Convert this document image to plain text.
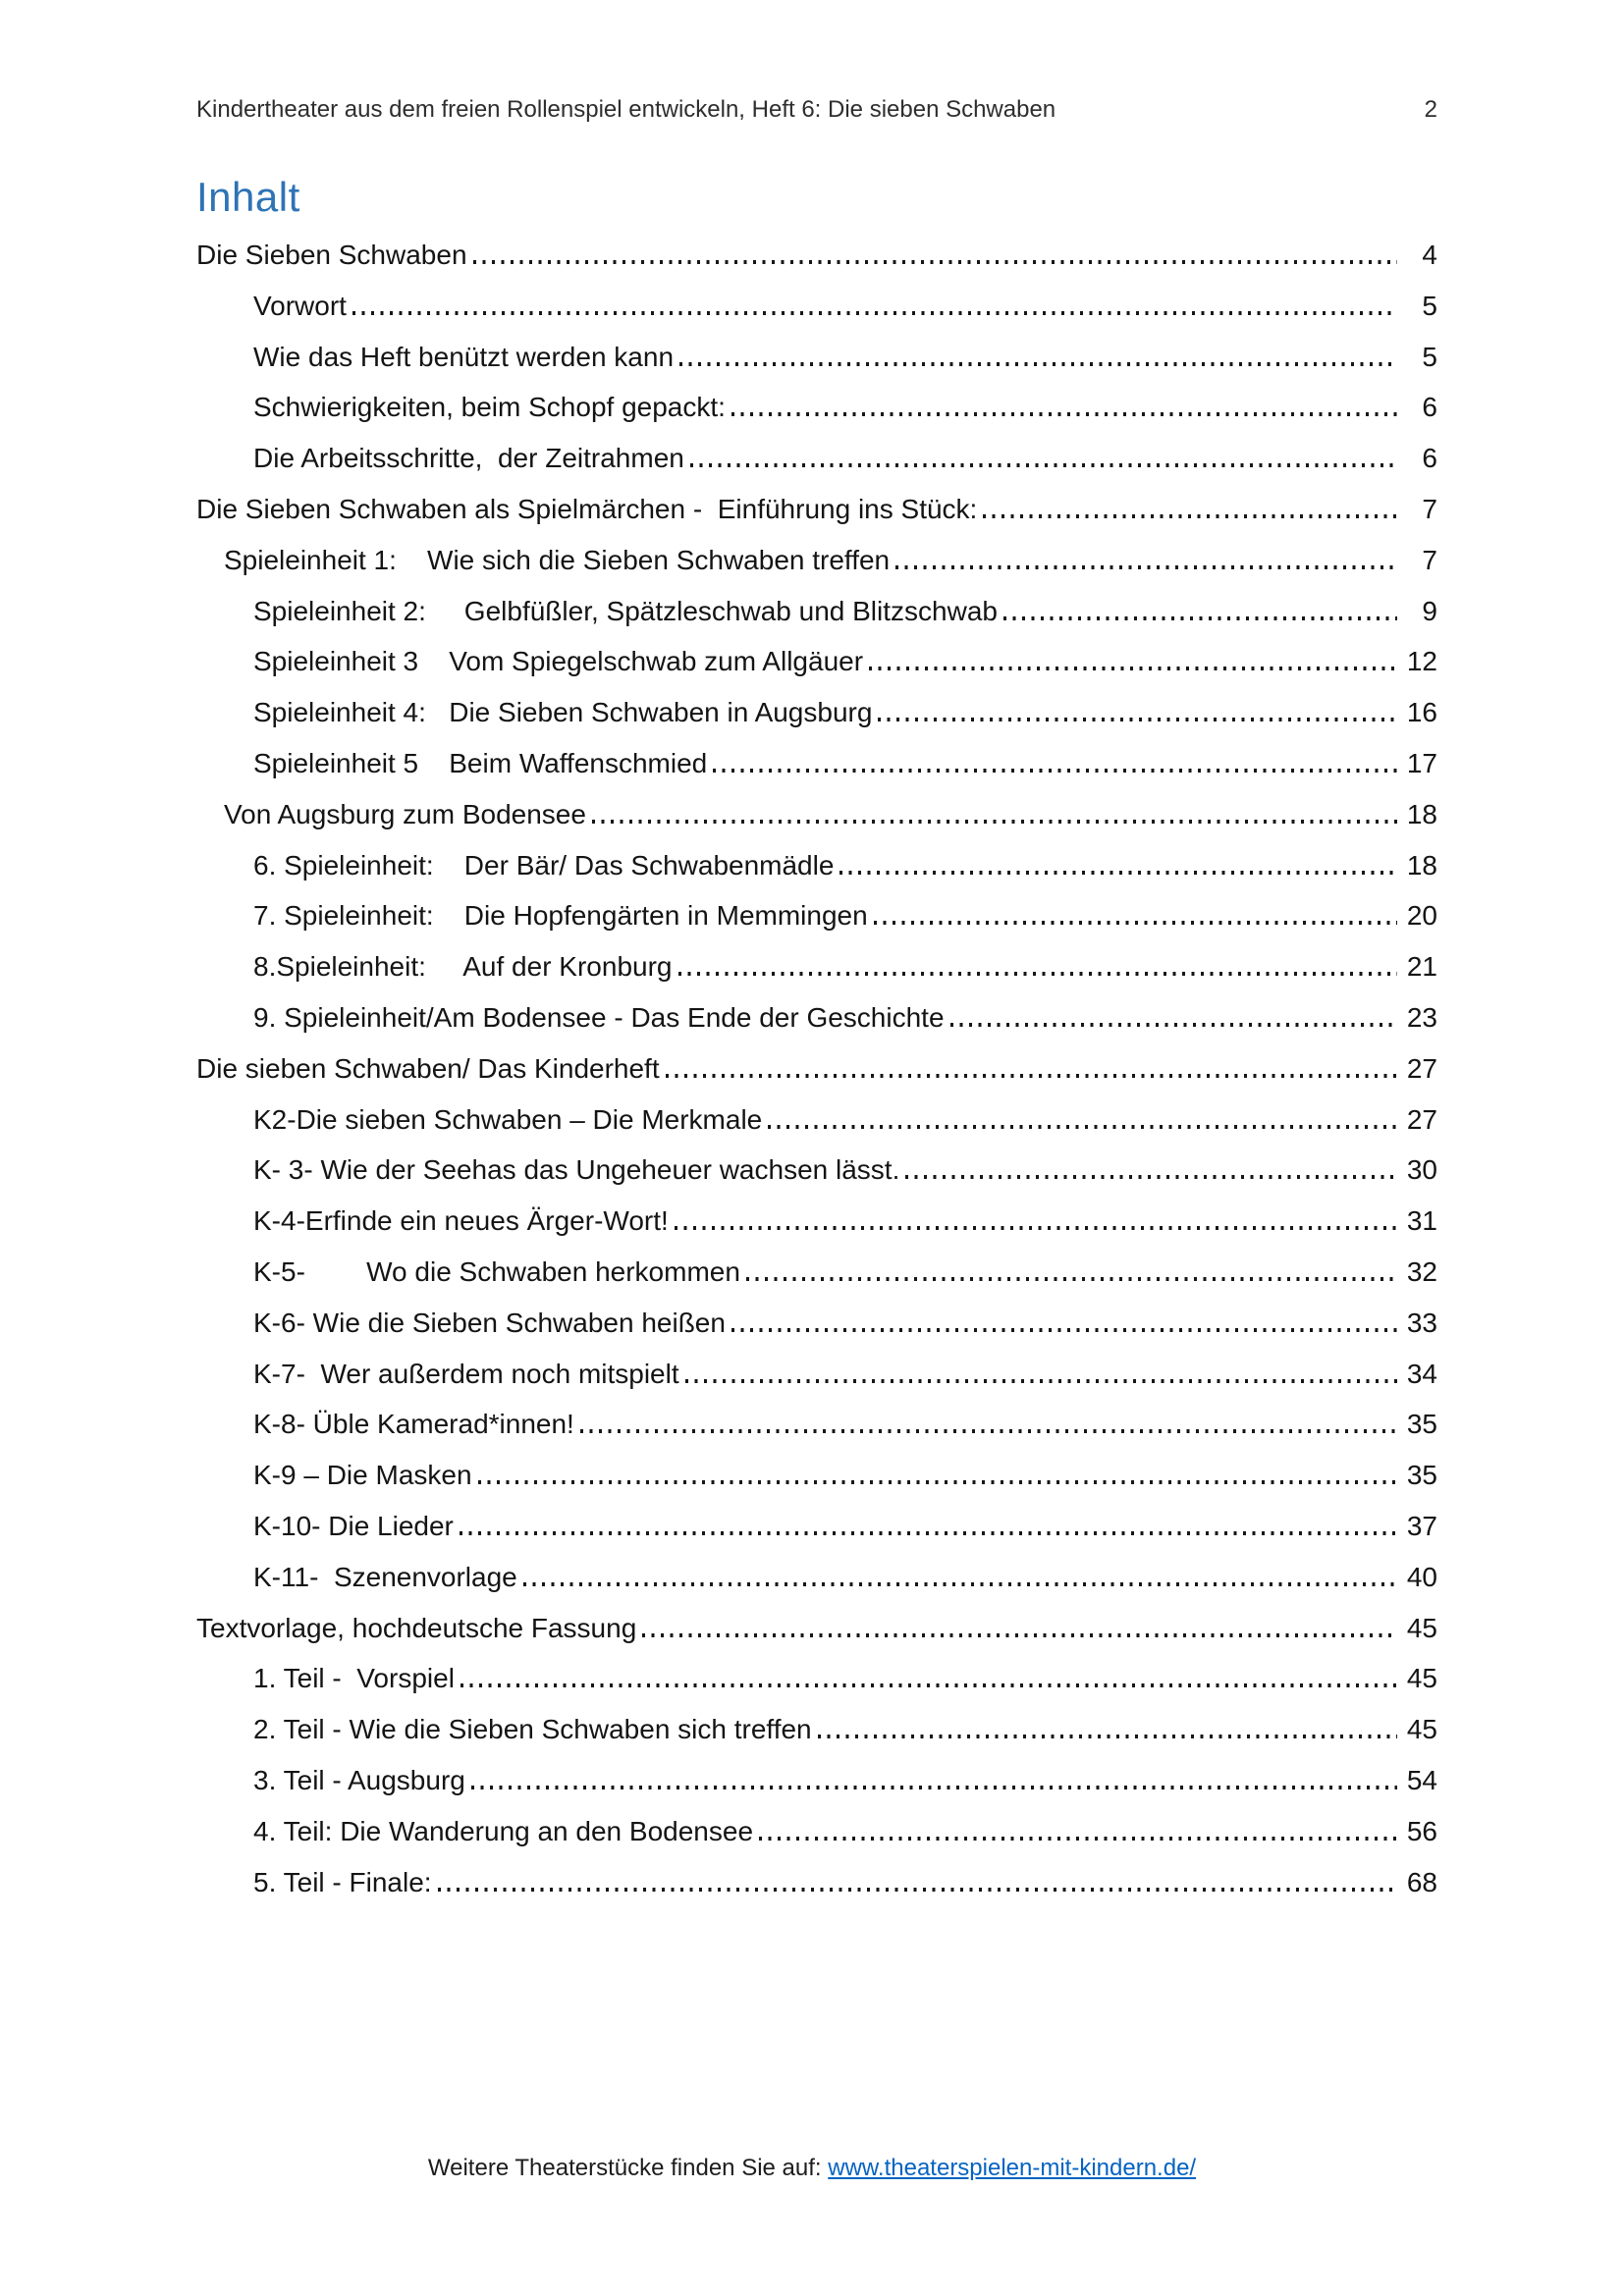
Kindertheater aus dem freien Rollenspiel entwickeln, Heft 6: Die sieben Schwaben	2
Inhalt
Die Sieben Schwaben	4
Vorwort	5
Wie das Heft benützt werden kann	5
Schwierigkeiten, beim Schopf gepackt:	6
Die Arbeitsschritte,  der Zeitrahmen	6
Die Sieben Schwaben als Spielmärchen -  Einführung ins Stück:	7
Spieleinheit 1:    Wie sich die Sieben Schwaben treffen	7
Spieleinheit 2:     Gelbfüßler, Spätzleschwab und Blitzschwab	9
Spieleinheit 3    Vom Spiegelschwab zum Allgäuer	12
Spieleinheit 4:   Die Sieben Schwaben in Augsburg	16
Spieleinheit 5    Beim Waffenschmied	17
Von Augsburg zum Bodensee	18
6. Spieleinheit:    Der Bär/ Das Schwabenmädle	18
7. Spieleinheit:    Die Hopfengärten in Memmingen	20
8.Spieleinheit:     Auf der Kronburg	21
9. Spieleinheit/Am Bodensee - Das Ende der Geschichte	23
Die sieben Schwaben/ Das Kinderheft	27
K2-Die sieben Schwaben – Die Merkmale	27
K- 3- Wie der Seehas das Ungeheuer wachsen lässt.	30
K-4-Erfinde ein neues Ärger-Wort!	31
K-5-        Wo die Schwaben herkommen	32
K-6- Wie die Sieben Schwaben heißen	33
K-7-  Wer außerdem noch mitspielt	34
K-8- Üble Kamerad*innen!	35
K-9 – Die Masken	35
K-10- Die Lieder	37
K-11-  Szenenvorlage	40
Textvorlage, hochdeutsche Fassung	45
1. Teil -  Vorspiel	45
2. Teil - Wie die Sieben Schwaben sich treffen	45
3. Teil - Augsburg	54
4. Teil: Die Wanderung an den Bodensee	56
5. Teil - Finale:	68
Weitere Theaterstücke finden Sie auf: www.theaterspielen-mit-kindern.de/
